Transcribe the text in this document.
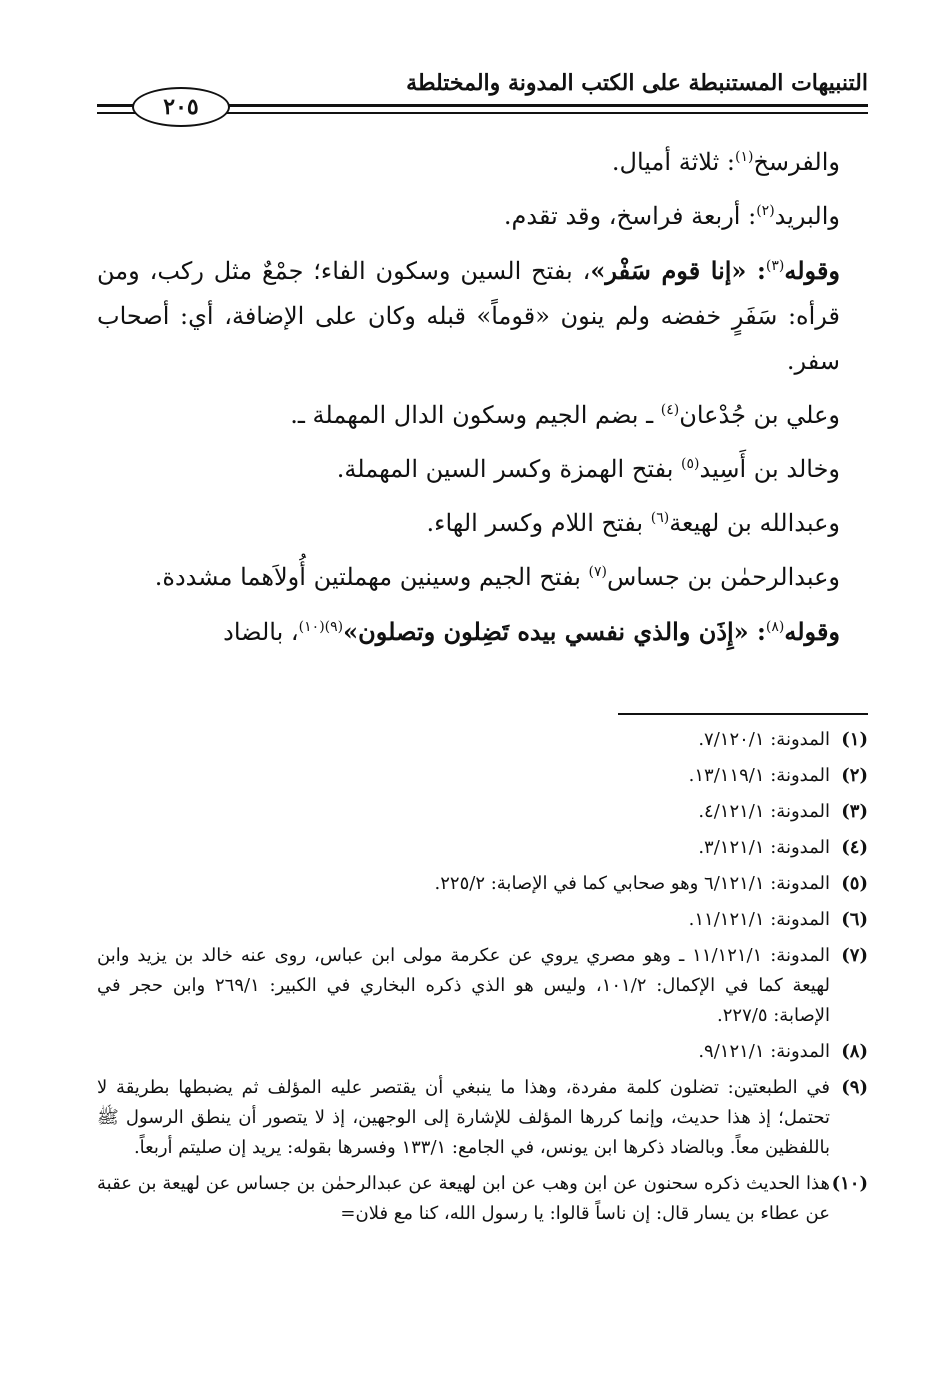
التنبيهات المستنبطة على الكتب المدونة والمختلطة
٢٠٥

والفرسخ$^{(١)}$: ثلاثة أميال.

والبريد$^{(٢)}$: أربعة فراسخ، وقد تقدم.

وقوله$^{(٣)}$: «إنا قوم سَفْر»، بفتح السين وسكون الفاء؛ جمْعٌ مثل ركب، ومن قرأه: سَفَرٍ خفضه ولم ينون «قوماً» قبله وكان على الإضافة، أي: أصحاب سفر.

وعلي بن جُدْعان$^{(٤)}$ ـ بضم الجيم وسكون الدال المهملة ـ.

وخالد بن أَسِيد$^{(٥)}$ بفتح الهمزة وكسر السين المهملة.

وعبدالله بن لهيعة$^{(٦)}$ بفتح اللام وكسر الهاء.

وعبدالرحمٰن بن جساس$^{(٧)}$ بفتح الجيم وسينين مهملتين أُولاَهما مشددة.

وقوله$^{(٨)}$: «إِذَن والذي نفسي بيده تَضِلون وتصلون»$^{(٩)(١٠)}$، بالضاد

(١)
المدونة: ٧/١٢٠/١.
(٢)
المدونة: ١٣/١١٩/١.
(٣)
المدونة: ٤/١٢١/١.
(٤)
المدونة: ٣/١٢١/١.
(٥)
المدونة: ٦/١٢١/١ وهو صحابي كما في الإصابة: ٢٢٥/٢.
(٦)
المدونة: ١١/١٢١/١.
(٧)
المدونة: ١١/١٢١/١ ـ وهو مصري يروي عن عكرمة مولى ابن عباس، روى عنه خالد بن يزيد وابن لهيعة كما في الإكمال: ١٠١/٢، وليس هو الذي ذكره البخاري في الكبير: ٢٦٩/١ وابن حجر في الإصابة: ٢٢٧/٥.
(٨)
المدونة: ٩/١٢١/١.
(٩)
في الطبعتين: تضلون كلمة مفردة، وهذا ما ينبغي أن يقتصر عليه المؤلف ثم يضبطها بطريقة لا تحتمل؛ إذ هذا حديث، وإنما كررها المؤلف للإشارة إلى الوجهين، إذ لا يتصور أن ينطق الرسول ﷺ باللفظين معاً. وبالضاد ذكرها ابن يونس، في الجامع: ١٣٣/١ وفسرها بقوله: يريد إن صليتم أربعاً.
(١٠)
هذا الحديث ذكره سحنون عن ابن وهب عن ابن لهيعة عن عبدالرحمٰن بن جساس عن لهيعة بن عقبة عن عطاء بن يسار قال: إن ناساً قالوا: يا رسول الله، كنا مع فلان=
